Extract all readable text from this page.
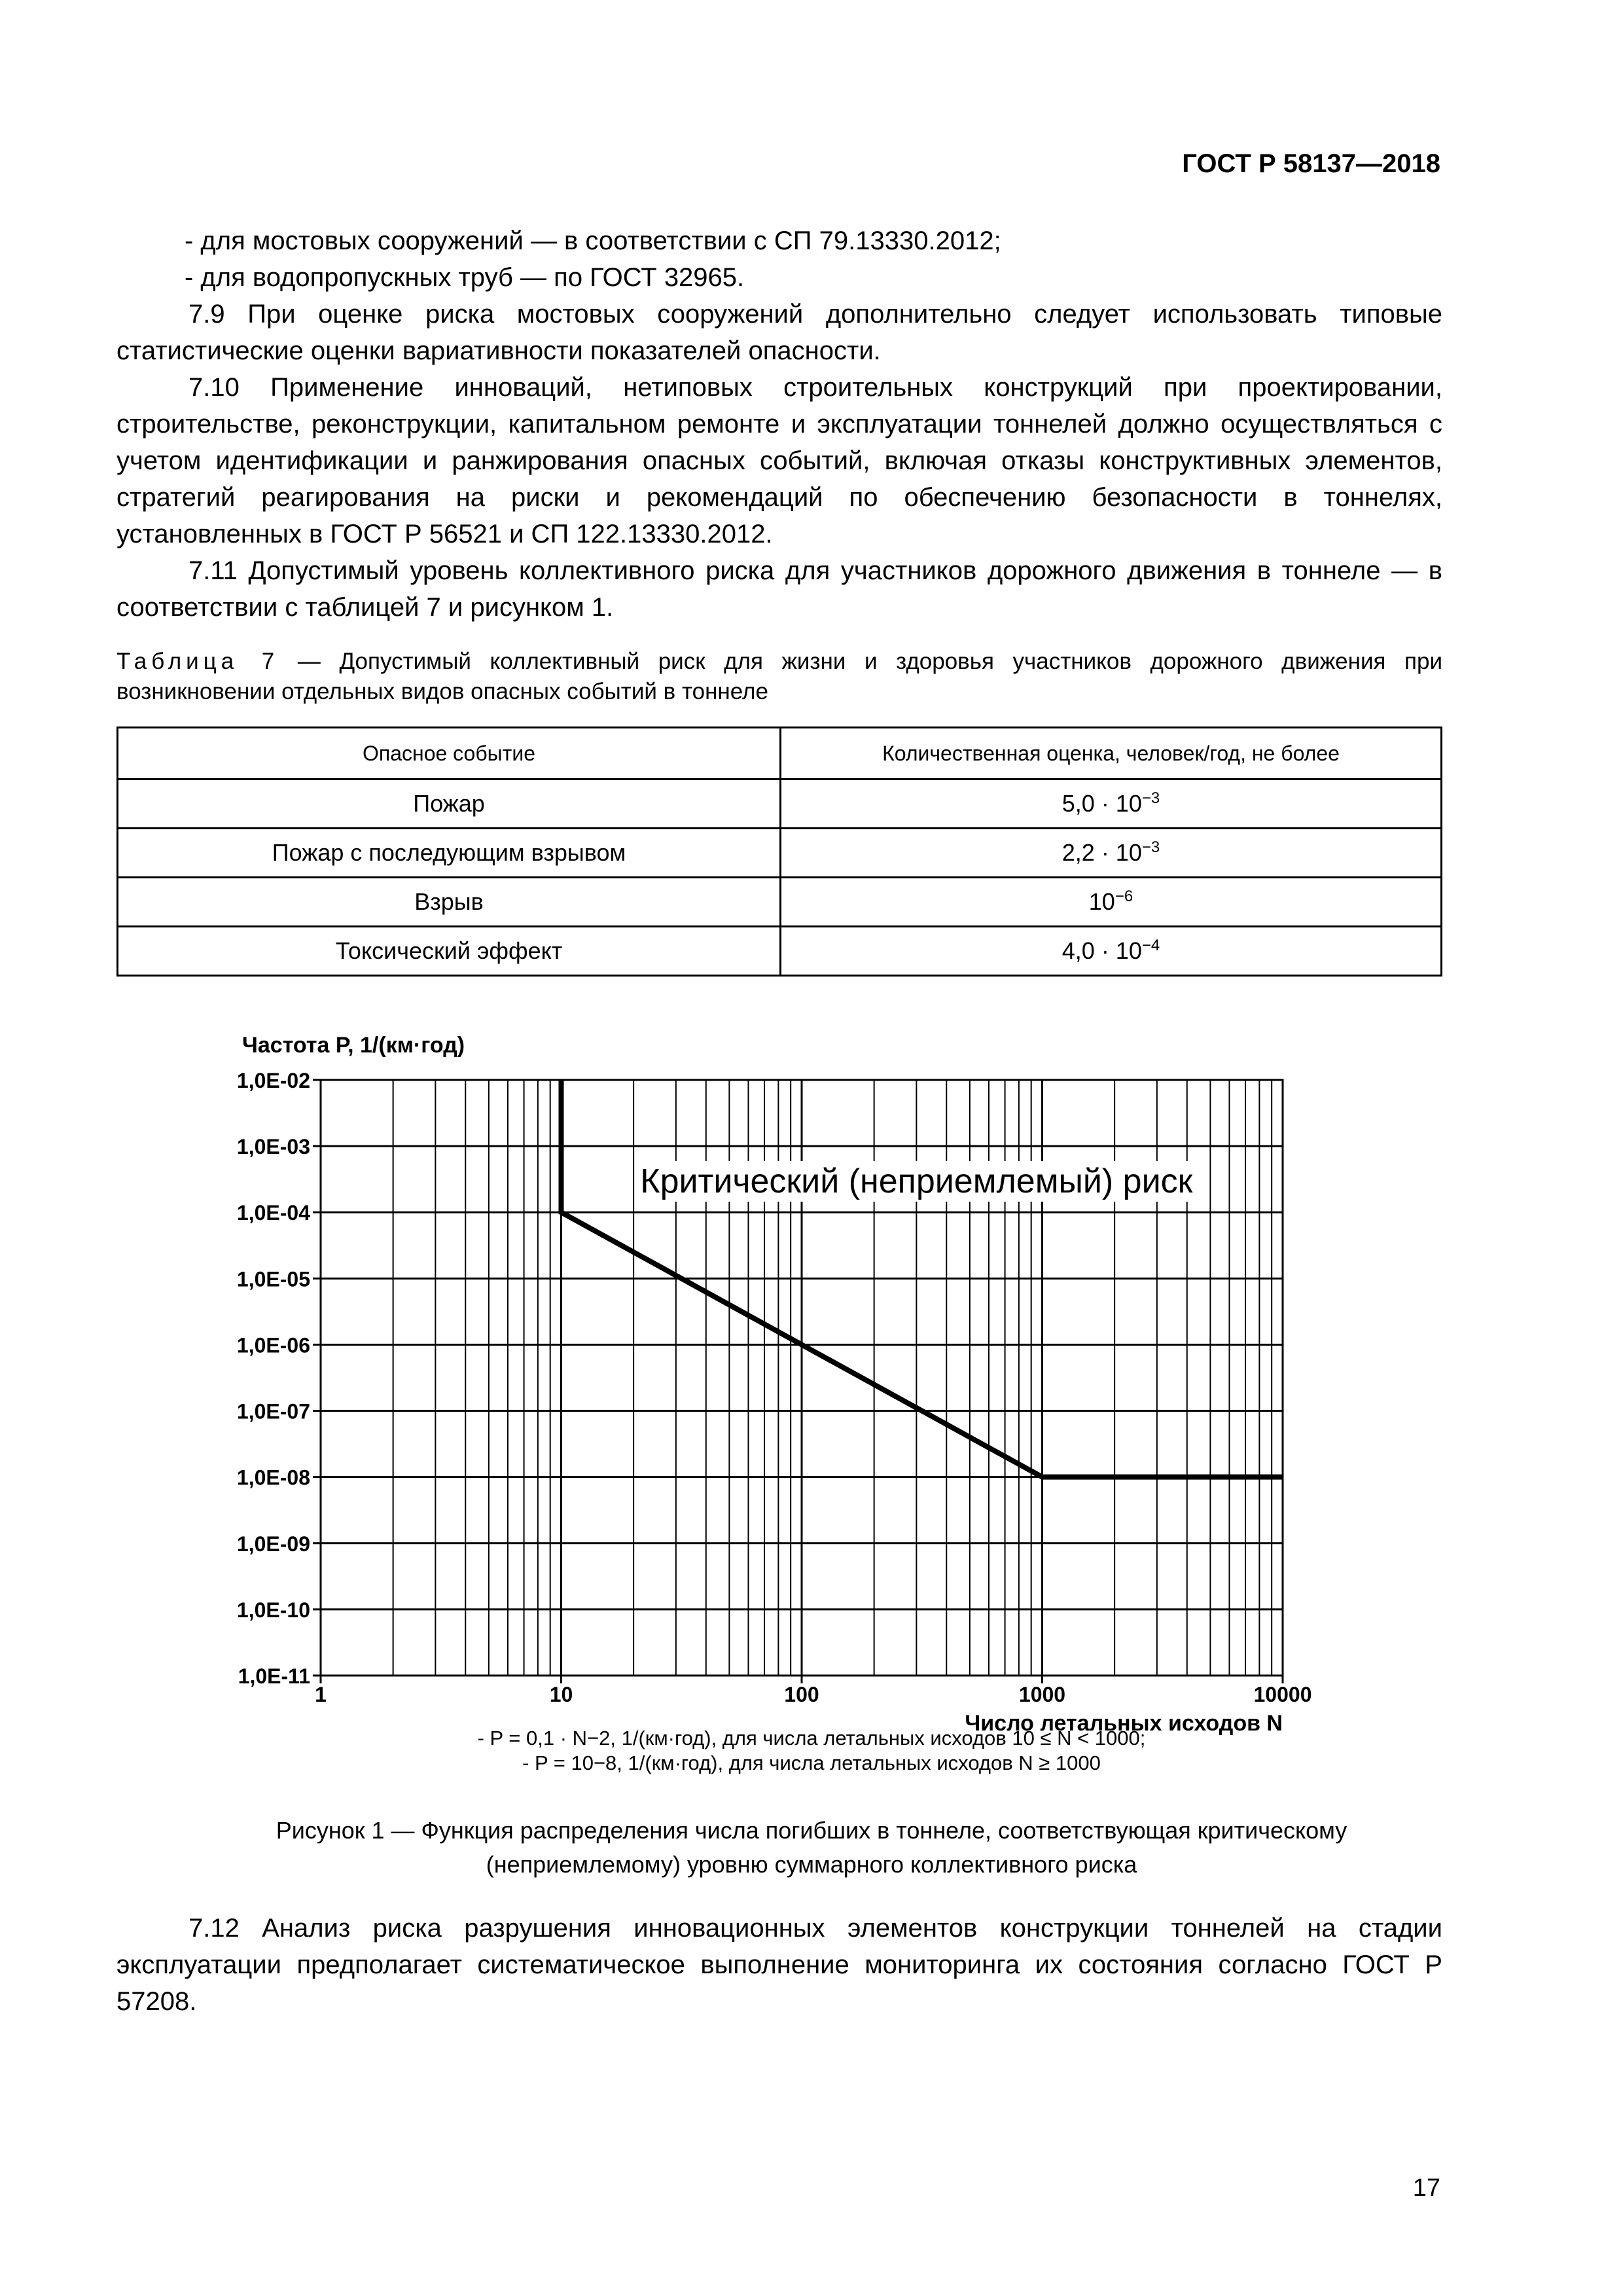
ГОСТ Р 58137—2018

- для мостовых сооружений — в соответствии с СП 79.13330.2012;

- для водопропускных труб — по ГОСТ 32965.

7.9 При оценке риска мостовых сооружений дополнительно следует использовать типовые статистические оценки вариативности показателей опасности.

7.10 Применение инноваций, нетиповых строительных конструкций при проектировании, строительстве, реконструкции, капитальном ремонте и эксплуатации тоннелей должно осуществляться с учетом идентификации и ранжирования опасных событий, включая отказы конструктивных элементов, стратегий реагирования на риски и рекомендаций по обеспечению безопасности в тоннелях, установленных в ГОСТ Р 56521 и СП 122.13330.2012.

7.11 Допустимый уровень коллективного риска для участников дорожного движения в тоннеле — в соответствии с таблицей 7 и рисунком 1.

Таблица 7 — Допустимый коллективный риск для жизни и здоровья участников дорожного движения при возникновении отдельных видов опасных событий в тоннеле
Опасное событие	Количественная оценка, человек/год, не более
Пожар	$5,0 \cdot 10^{-3}$
Пожар с последующим взрывом	$2,2 \cdot 10^{-3}$
Взрыв	$10^{-6}$
Токсический эффект	$4,0 \cdot 10^{-4}$
1,0E-02
1,0E-03
1,0E-04
1,0E-05
1,0E-06
1,0E-07
1,0E-08
1,0E-09
1,0E-10
1,0E-11
1	10	100	1000	10000
Критический (неприемлемый) риск
Частота P, 1/(км·год)
Число летальных исходов N
- P = 0,1 · N−2, 1/(км·год), для числа летальных исходов 10 ≤ N < 1000;
- P = 10−8, 1/(км·год), для числа летальных исходов N ≥ 1000
Рисунок 1 — Функция распределения числа погибших в тоннеле, соответствующая критическому
(неприемлемому) уровню суммарного коллективного риска

7.12 Анализ риска разрушения инновационных элементов конструкции тоннелей на стадии эксплуатации предполагает систематическое выполнение мониторинга их состояния согласно ГОСТ Р 57208.

17
